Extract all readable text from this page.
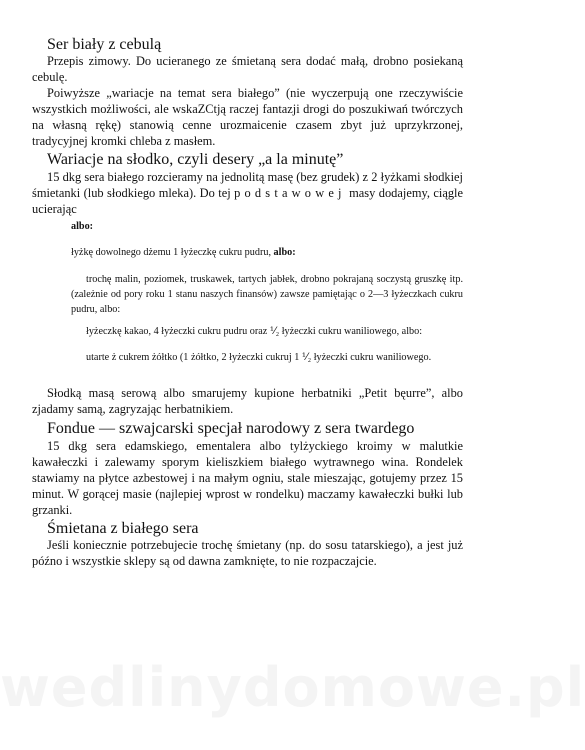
Ser biały z cebulą

Przepis zimowy. Do ucieranego ze śmietaną sera dodać małą, drobno posiekaną cebulę.

Poiwyższe „wariacje na temat sera białego” (nie wyczerpują one rzeczywiście wszystkich możliwości, ale wskaZCtją raczej fantazji drogi do poszukiwań twórczych na własną rękę) stanowią cenne urozmaicenie czasem zbyt już uprzykrzonej, tradycyjnej kromki chleba z masłem.

Wariacje na słodko, czyli desery „a la minutę”

15 dkg sera białego rozcieramy na jednolitą masę (bez grudek) z 2 łyżkami słodkiej śmietanki (lub słodkiego mleka). Do tej podstawowej masy dodajemy, ciągle ucierając

albo:

łyżkę dowolnego dżemu 1 łyżeczkę cukru pudru, albo:

trochę malin, poziomek, truskawek, tartych jabłek, drobno pokrajaną soczystą gruszkę itp. (zależnie od pory roku 1 stanu naszych finansów) zawsze pamiętając o 2—3 łyżeczkach cukru pudru, albo:

łyżeczkę kakao, 4 łyżeczki cukru pudru oraz ⅟₂ łyżeczki cukru waniliowego, albo:

utarte ż cukrem żółtko (1 żółtko, 2 łyżeczki cukruj 1 ⅟₂ łyżeczki cukru waniliowego.

Słodką masą serową albo smarujemy kupione herbatniki „Petit bęurre”, albo zjadamy samą, zagryzając herbatnikiem.

Fondue — szwajcarski specjał narodowy z sera twardego

15 dkg sera edamskiego, ementalera albo tylżyckiego kroimy w malutkie kawałeczki i zalewamy sporym kieliszkiem białego wytrawnego wina. Rondelek stawiamy na płytce azbestowej i na małym ogniu, stale mieszając, gotujemy przez 15 minut. W gorącej masie (najlepiej wprost w rondelku) maczamy kawałeczki bułki lub grzanki.

Śmietana z białego sera

Jeśli koniecznie potrzebujecie trochę śmietany (np. do sosu tatarskiego), a jest już późno i wszystkie sklepy są od dawna zamknięte, to nie rozpaczajcie.

wedlinydomowe.pl
